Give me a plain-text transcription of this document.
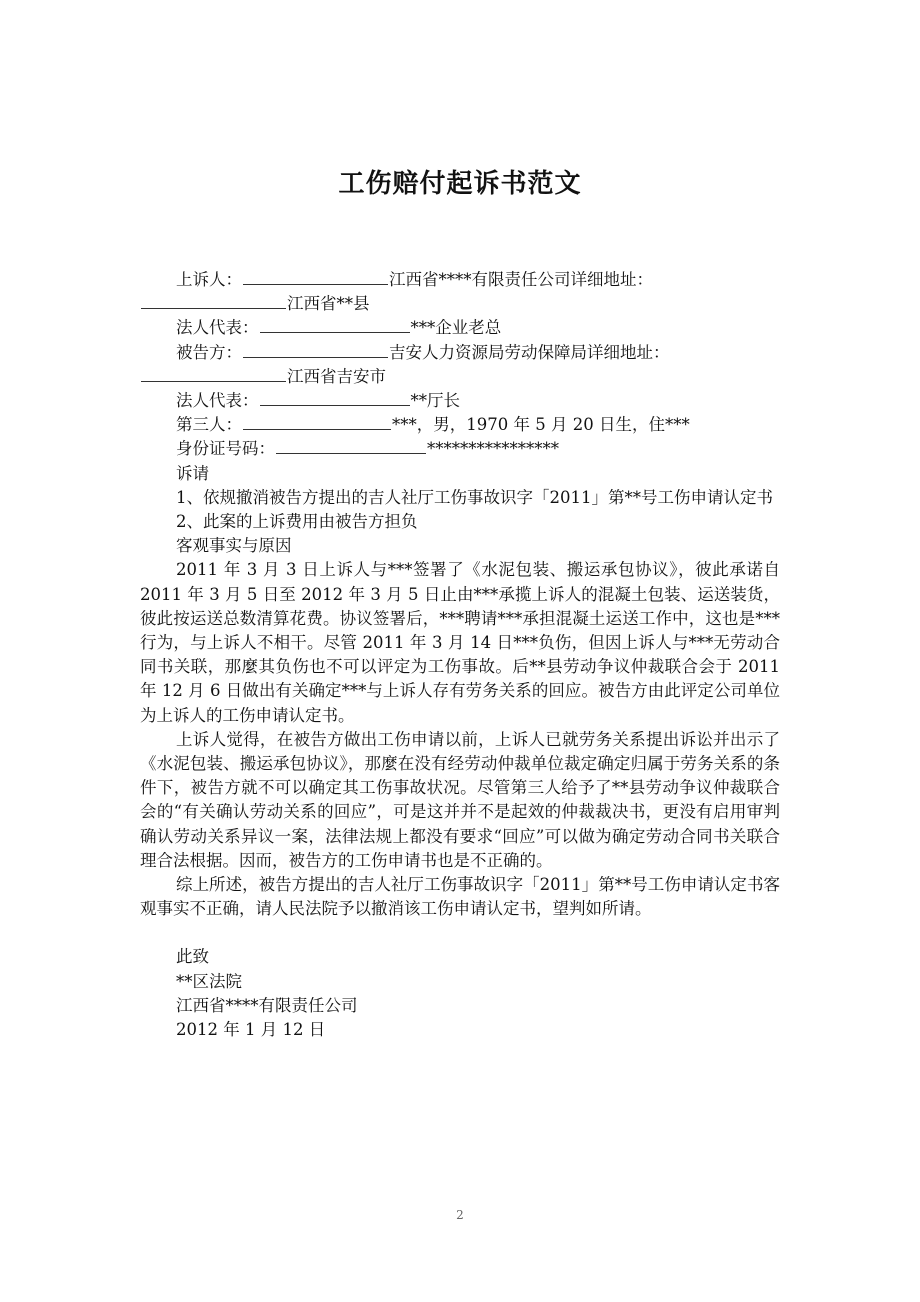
工伤赔付起诉书范文
上诉人：	江西省****有限责任公司详细地址：
江西省**县
法人代表：	***企业老总
被告方：	吉安人力资源局劳动保障局详细地址：
江西省吉安市
法人代表：	**厅长
第三人：	***，男，1970 年 5 月 20 日生，住***
身份证号码：	****************
诉请

1、依规撤消被告方提出的吉人社厅工伤事故识字「2011」第**号工伤申请认定书

2、此案的上诉费用由被告方担负

客观事实与原因

2011 年 3 月 3 日上诉人与***签署了《水泥包装、搬运承包协议》，彼此承诺自 2011 年 3 月 5 日至 2012 年 3 月 5 日止由***承揽上诉人的混凝土包装、运送装货，彼此按运送总数清算花费。协议签署后，***聘请***承担混凝土运送工作中，这也是***行为，与上诉人不相干。尽管 2011 年 3 月 14 日***负伤，但因上诉人与***无劳动合同书关联，那麼其负伤也不可以评定为工伤事故。后**县劳动争议仲裁联合会于 2011 年 12 月 6 日做出有关确定***与上诉人存有劳务关系的回应。被告方由此评定公司单位为上诉人的工伤申请认定书。

上诉人觉得，在被告方做出工伤申请以前，上诉人已就劳务关系提出诉讼并出示了《水泥包装、搬运承包协议》，那麼在没有经劳动仲裁单位裁定确定归属于劳务关系的条件下，被告方就不可以确定其工伤事故状况。尽管第三人给予了**县劳动争议仲裁联合会的“有关确认劳动关系的回应”，可是这并并不是起效的仲裁裁决书，更没有启用审判确认劳动关系异议一案，法律法规上都没有要求“回应”可以做为确定劳动合同书关联合理合法根据。因而，被告方的工伤申请书也是不正确的。

综上所述，被告方提出的吉人社厅工伤事故识字「2011」第**号工伤申请认定书客观事实不正确，请人民法院予以撤消该工伤申请认定书，望判如所请。

此致
**区法院
江西省****有限责任公司
2012 年 1 月 12 日
2
